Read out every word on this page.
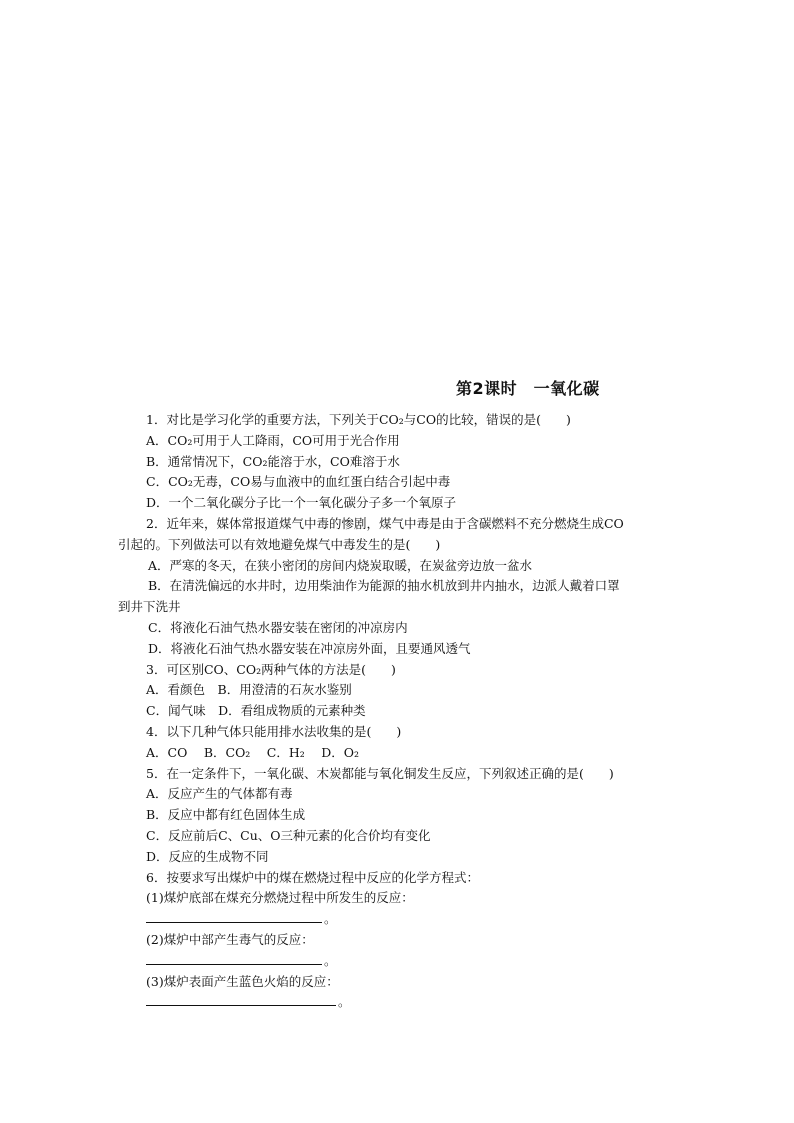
第2课时　一氧化碳
1．对比是学习化学的重要方法，下列关于CO₂与CO的比较，错误的是(　　)
A．CO₂可用于人工降雨，CO可用于光合作用
B．通常情况下，CO₂能溶于水，CO难溶于水
C．CO₂无毒，CO易与血液中的血红蛋白结合引起中毒
D．一个二氧化碳分子比一个一氧化碳分子多一个氧原子
2．近年来，媒体常报道煤气中毒的惨剧，煤气中毒是由于含碳燃料不充分燃烧生成CO
引起的。下列做法可以有效地避免煤气中毒发生的是(　　)
A．严寒的冬天，在狭小密闭的房间内烧炭取暖，在炭盆旁边放一盆水
B．在清洗偏远的水井时，边用柴油作为能源的抽水机放到井内抽水，边派人戴着口罩
到井下洗井
C．将液化石油气热水器安装在密闭的冲凉房内
D．将液化石油气热水器安装在冲凉房外面，且要通风透气
3．可区别CO、CO₂两种气体的方法是(　　)
A．看颜色　B．用澄清的石灰水鉴别
C．闻气味　D．看组成物质的元素种类
4．以下几种气体只能用排水法收集的是(　　)
A．CO　 B．CO₂　 C．H₂　 D．O₂
5．在一定条件下，一氧化碳、木炭都能与氧化铜发生反应，下列叙述正确的是(　　)
A．反应产生的气体都有毒
B．反应中都有红色固体生成
C．反应前后C、Cu、O三种元素的化合价均有变化
D．反应的生成物不同
6．按要求写出煤炉中的煤在燃烧过程中反应的化学方程式：
(1)煤炉底部在煤充分燃烧过程中所发生的反应：
。
(2)煤炉中部产生毒气的反应：
。
(3)煤炉表面产生蓝色火焰的反应：
。
